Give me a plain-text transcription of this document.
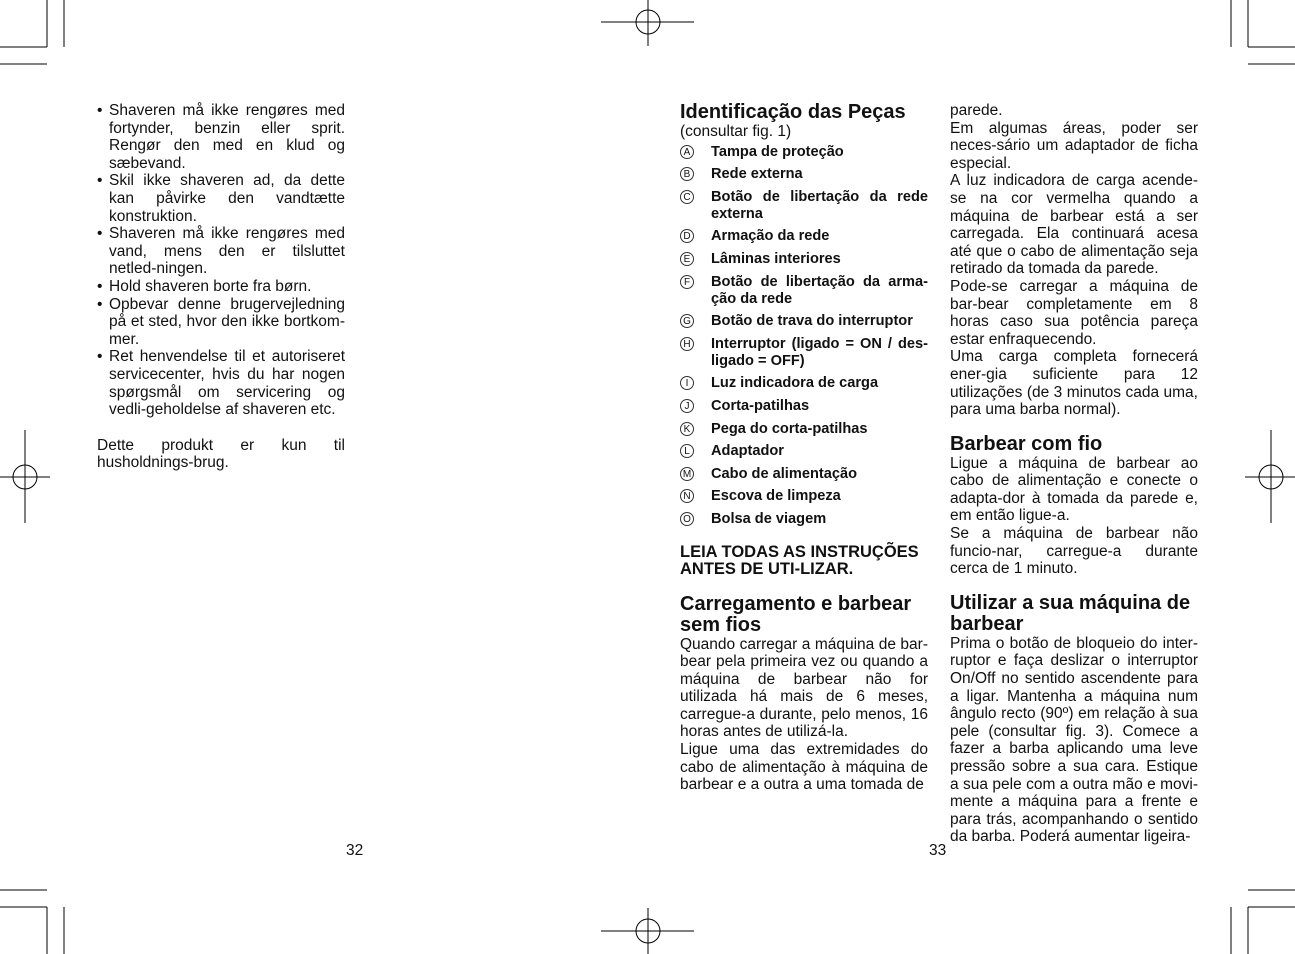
• Shaveren må ikke rengøres med fortynder, benzin eller sprit. Rengør den med en klud og sæbevand.
• Skil ikke shaveren ad, da dette kan påvirke den vandtætte konstruktion.
• Shaveren må ikke rengøres med vand, mens den er tilsluttet netled-ningen.
• Hold shaveren borte fra børn.
• Opbevar denne brugervejledning på et sted, hvor den ikke bortkom-mer.
• Ret henvendelse til et autoriseret servicecenter, hvis du har nogen spørgsmål om servicering og vedli-geholdelse af shaveren etc.

Dette produkt er kun til husholdnings-brug.

32
Identificação das Peças

(consultar fig. 1)

A Tampa de proteção
B Rede externa
C Botão de libertação da rede externa
D Armação da rede
E Lâminas interiores
F Botão de libertação da arma-ção da rede
G Botão de trava do interruptor
H Interruptor (ligado = ON / des-ligado = OFF)
I	Luz indicadora de carga
J	Corta-patilhas
K Pega do corta-patilhas
L Adaptador
M Cabo de alimentação
N Escova de limpeza
O Bolsa de viagem
LEIA TODAS AS INSTRUÇÕES ANTES DE UTI-LIZAR.
Carregamento e barbear sem fios

Quando carregar a máquina de bar-bear pela primeira vez ou quando a máquina de barbear não for utilizada há mais de 6 meses, carregue-a durante, pelo menos, 16 horas antes de utilizá-la.

Ligue uma das extremidades do cabo de alimentação à máquina de barbear e a outra a uma tomada de

33

parede.

Em algumas áreas, poder ser neces-sário um adaptador de ficha especial.

A luz indicadora de carga acende-se na cor vermelha quando a máquina de barbear está a ser carregada. Ela continuará acesa até que o cabo de alimentação seja retirado da tomada da parede.

Pode-se carregar a máquina de bar-bear completamente em 8 horas caso sua potência pareça estar enfraquecendo.

Uma carga completa fornecerá ener-gia suficiente para 12 utilizações (de 3 minutos cada uma, para uma barba normal).

Barbear com fio

Ligue a máquina de barbear ao cabo de alimentação e conecte o adapta-dor à tomada da parede e, em então ligue-a.

Se a máquina de barbear não funcio-nar, carregue-a durante cerca de 1 minuto.

Utilizar a sua máquina de barbear

Prima o botão de bloqueio do inter-ruptor e faça deslizar o interruptor On/Off no sentido ascendente para a ligar. Mantenha a máquina num ângulo recto (90º) em relação à sua pele (consultar fig. 3). Comece a fazer a barba aplicando uma leve pressão sobre a sua cara. Estique a sua pele com a outra mão e movi-mente a máquina para a frente e para trás, acompanhando o sentido da barba. Poderá aumentar ligeira-
